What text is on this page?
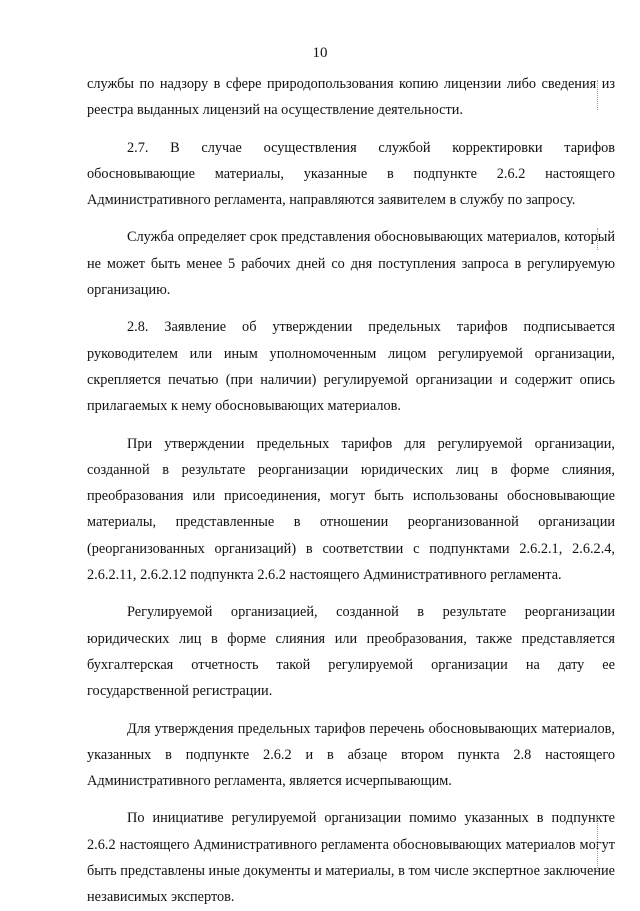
10

службы по надзору в сфере природопользования копию лицензии либо сведения из реестра выданных лицензий на осуществление деятельности.

2.7. В случае осуществления службой корректировки тарифов обосновывающие материалы, указанные в подпункте 2.6.2 настоящего Административного регламента, направляются заявителем в службу по запросу.

Служба определяет срок представления обосновывающих материалов, который не может быть менее 5 рабочих дней со дня поступления запроса в регулируемую организацию.

2.8. Заявление об утверждении предельных тарифов подписывается руководителем или иным уполномоченным лицом регулируемой организации, скрепляется печатью (при наличии) регулируемой организации и содержит опись прилагаемых к нему обосновывающих материалов.

При утверждении предельных тарифов для регулируемой организации, созданной в результате реорганизации юридических лиц в форме слияния, преобразования или присоединения, могут быть использованы обосновывающие материалы, представленные в отношении реорганизованной организации (реорганизованных организаций) в соответствии с подпунктами 2.6.2.1, 2.6.2.4, 2.6.2.11, 2.6.2.12 подпункта 2.6.2 настоящего Административного регламента.

Регулируемой организацией, созданной в результате реорганизации юридических лиц в форме слияния или преобразования, также представляется бухгалтерская отчетность такой регулируемой организации на дату ее государственной регистрации.

Для утверждения предельных тарифов перечень обосновывающих материалов, указанных в подпункте 2.6.2 и в абзаце втором пункта 2.8 настоящего Административного регламента, является исчерпывающим.

По инициативе регулируемой организации помимо указанных в подпункте 2.6.2 настоящего Административного регламента обосновывающих материалов могут быть представлены иные документы и материалы, в том числе экспертное заключение независимых экспертов.
